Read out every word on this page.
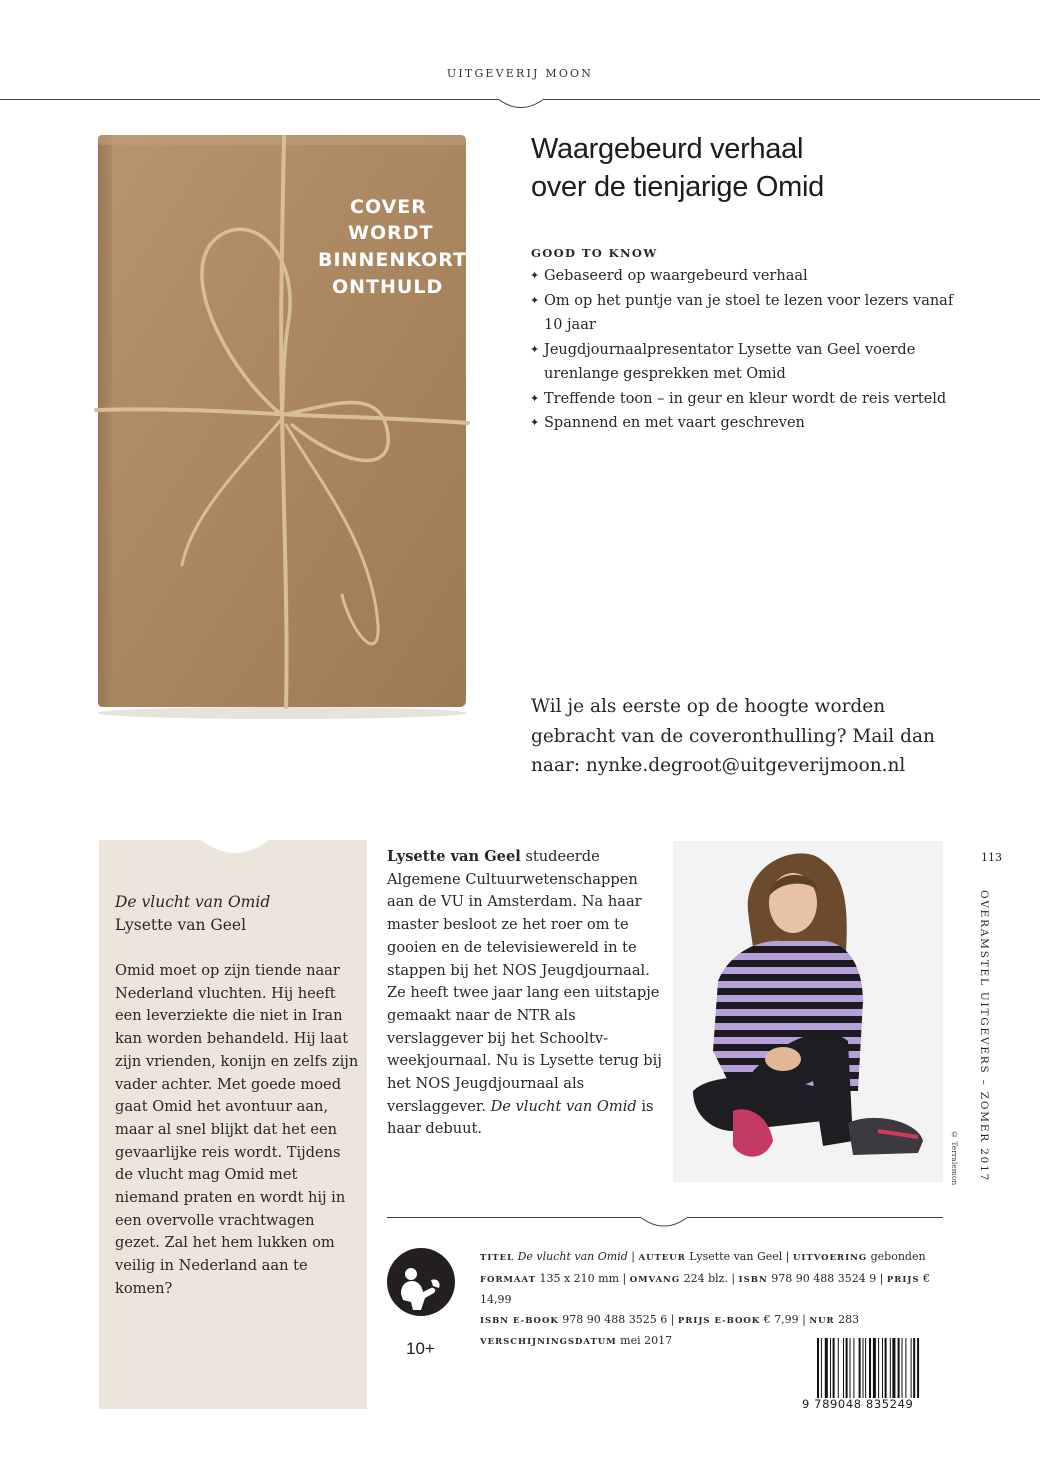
UITGEVERIJ MOON
COVER
WORDT
BINNENKORT
ONTHULD
Waargebeurd verhaal
over de tienjarige Omid
GOOD TO KNOW
✦ Gebaseerd op waargebeurd verhaal
✦ Om op het puntje van je stoel te lezen voor lezers vanaf 10 jaar
✦ Jeugdjournaalpresentator Lysette van Geel voerde urenlange gesprekken met Omid
✦ Treffende toon – in geur en kleur wordt de reis verteld
✦ Spannend en met vaart geschreven
Wil je als eerste op de hoogte worden gebracht van de coveronthulling? Mail dan naar: nynke.degroot@uitgeverijmoon.nl
De vlucht van Omid
Lysette van Geel
Omid moet op zijn tiende naar Nederland vluchten. Hij heeft een leverziekte die niet in Iran kan worden behandeld. Hij laat zijn vrienden, konijn en zelfs zijn vader achter. Met goede moed gaat Omid het avontuur aan, maar al snel blijkt dat het een gevaarlijke reis wordt. Tijdens de vlucht mag Omid met niemand praten en wordt hij in een overvolle vrachtwagen gezet. Zal het hem lukken om veilig in Nederland aan te komen?
Lysette van Geel studeerde Algemene Cultuurwetenschappen aan de VU in Amsterdam. Na haar master besloot ze het roer om te gooien en de televisiewereld in te stappen bij het NOS Jeugdjournaal. Ze heeft twee jaar lang een uitstapje gemaakt naar de NTR als verslaggever bij het Schooltv-weekjournaal. Nu is Lysette terug bij het NOS Jeugdjournaal als verslaggever. De vlucht van Omid is haar debuut.
© Terralemon
113
OVERAMSTEL UITGEVERS – ZOMER 2017
10+
TITEL De vlucht van Omid | AUTEUR Lysette van Geel | UITVOERING gebonden
FORMAAT 135 x 210 mm | OMVANG 224 blz. | ISBN 978 90 488 3524 9 | PRIJS € 14,99
ISBN E-BOOK 978 90 488 3525 6 | PRIJS E-BOOK € 7,99 | NUR 283
VERSCHIJNINGSDATUM mei 2017
9 789048 835249
